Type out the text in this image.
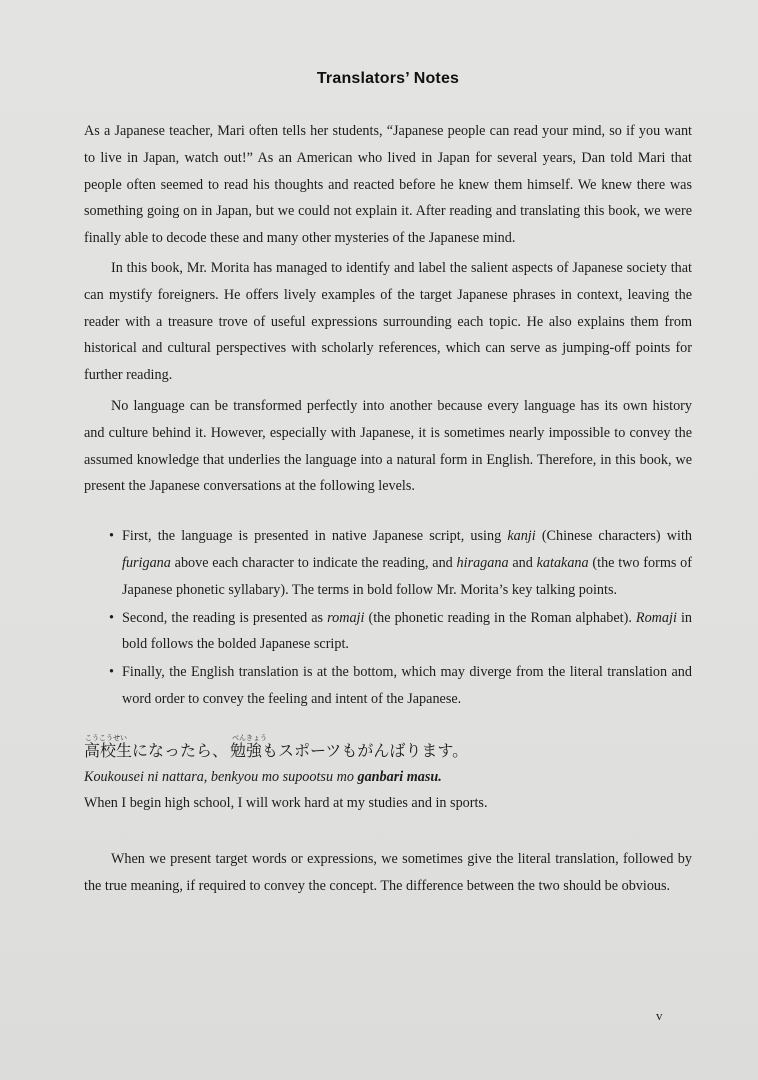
Translators’ Notes

As a Japanese teacher, Mari often tells her students, “Japanese people can read your mind, so if you want to live in Japan, watch out!” As an American who lived in Japan for several years, Dan told Mari that people often seemed to read his thoughts and reacted before he knew them himself. We knew there was something going on in Japan, but we could not explain it. After reading and translating this book, we were finally able to decode these and many other mysteries of the Japanese mind.

In this book, Mr. Morita has managed to identify and label the salient aspects of Japanese society that can mystify foreigners. He offers lively examples of the target Japanese phrases in context, leaving the reader with a treasure trove of useful expressions surrounding each topic. He also explains them from historical and cultural perspectives with scholarly references, which can serve as jumping-off points for further reading.

No language can be transformed perfectly into another because every language has its own history and culture behind it. However, especially with Japanese, it is sometimes nearly impossible to convey the assumed knowledge that underlies the language into a natural form in English. Therefore, in this book, we present the Japanese conversations at the following levels.

• First, the language is presented in native Japanese script, using kanji (Chinese characters) with furigana above each character to indicate the reading, and hiragana and katakana (the two forms of Japanese phonetic syllabary). The terms in bold follow Mr. Morita’s key talking points.

• Second, the reading is presented as romaji (the phonetic reading in the Roman alphabet). Romaji in bold follows the bolded Japanese script.

• Finally, the English translation is at the bottom, which may diverge from the literal translation and word order to convey the feeling and intent of the Japanese.

こうこうせい
高校生 になったら、
べんきょう
勉強 もスポーツもがんばります。

Koukousei ni nattara, benkyou mo supootsu mo ganbari masu.

When I begin high school, I will work hard at my studies and in sports.

When we present target words or expressions, we sometimes give the literal translation, followed by the true meaning, if required to convey the concept. The difference between the two should be obvious.

v
